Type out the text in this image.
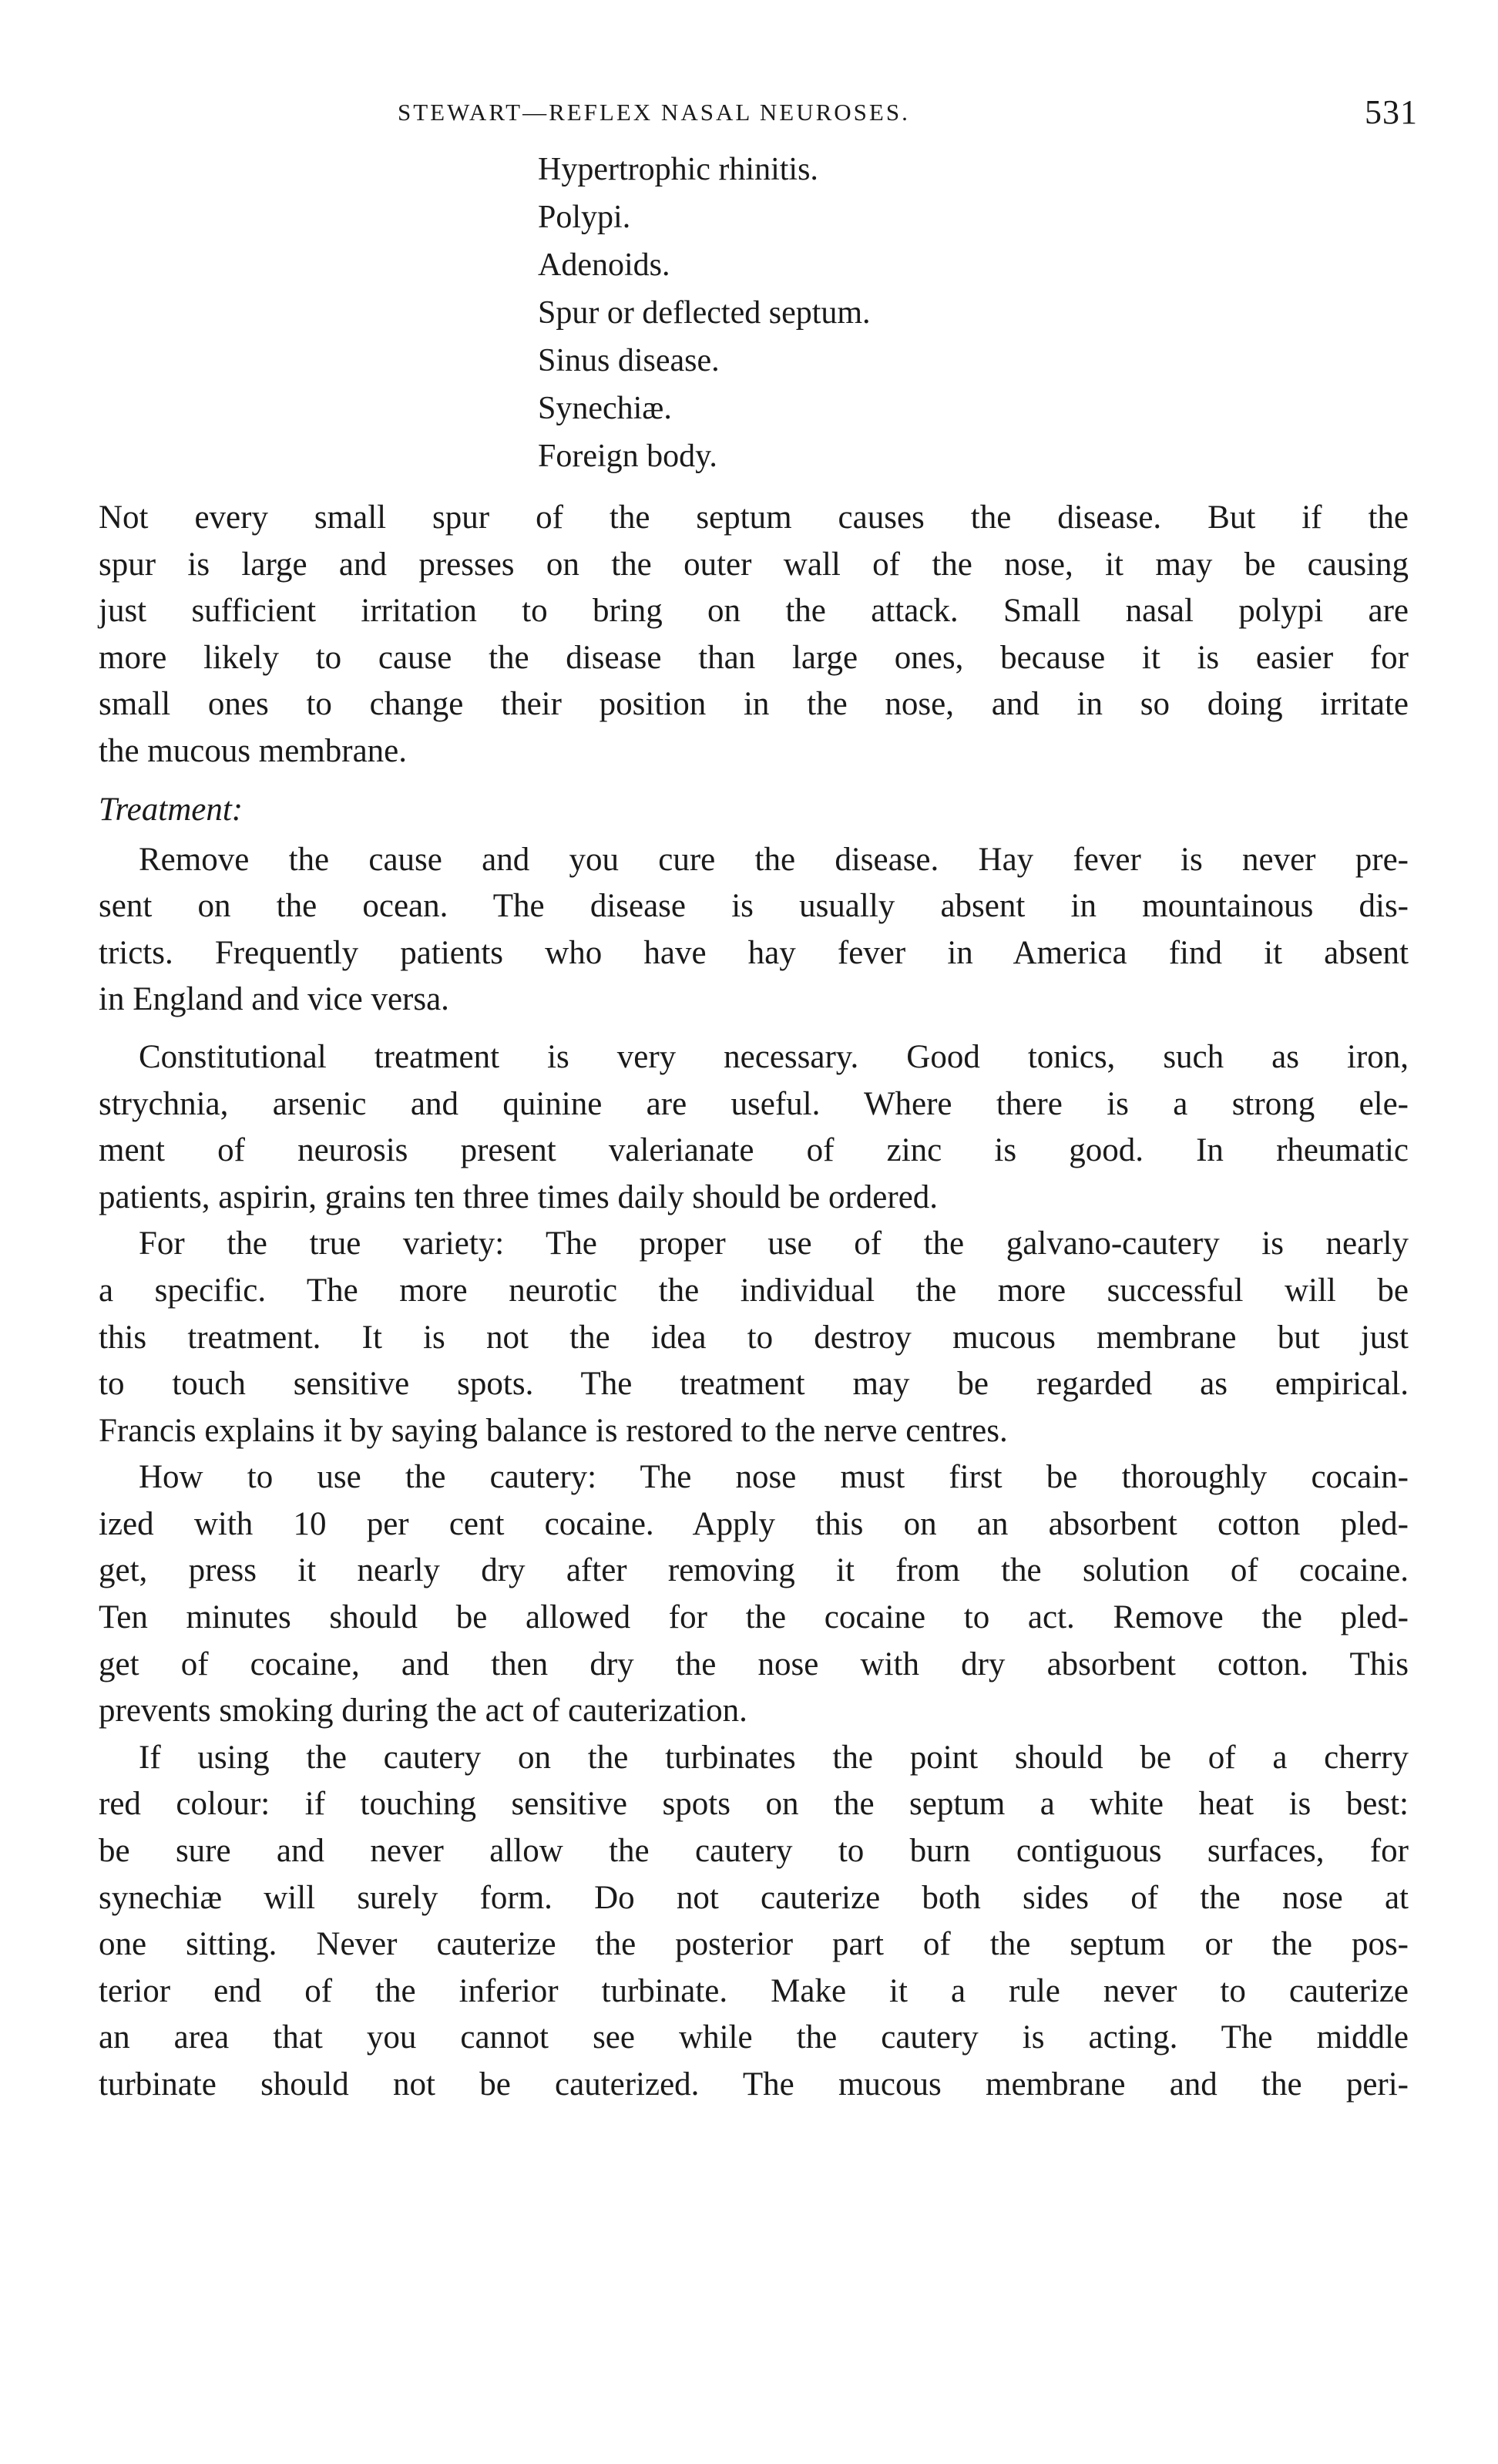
STEWART—REFLEX NASAL NEUROSES.	531
Hypertrophic rhinitis.
Polypi.
Adenoids.
Spur or deflected septum.
Sinus disease.
Synechiæ.
Foreign body.
Not every small spur of the septum causes the disease. But if the
spur is large and presses on the outer wall of the nose, it may be causing
just sufficient irritation to bring on the attack. Small nasal polypi are
more likely to cause the disease than large ones, because it is easier for
small ones to change their position in the nose, and in so doing irritate
the mucous membrane.
Treatment:
Remove the cause and you cure the disease. Hay fever is never pre-
sent on the ocean. The disease is usually absent in mountainous dis-
tricts. Frequently patients who have hay fever in America find it absent
in England and vice versa.
Constitutional treatment is very necessary. Good tonics, such as iron,
strychnia, arsenic and quinine are useful. Where there is a strong ele-
ment of neurosis present valerianate of zinc is good. In rheumatic
patients, aspirin, grains ten three times daily should be ordered.
For the true variety: The proper use of the galvano-cautery is nearly
a specific. The more neurotic the individual the more successful will be
this treatment. It is not the idea to destroy mucous membrane but just
to touch sensitive spots. The treatment may be regarded as empirical.
Francis explains it by saying balance is restored to the nerve centres.
How to use the cautery: The nose must first be thoroughly cocain-
ized with 10 per cent cocaine. Apply this on an absorbent cotton pled-
get, press it nearly dry after removing it from the solution of cocaine.
Ten minutes should be allowed for the cocaine to act. Remove the pled-
get of cocaine, and then dry the nose with dry absorbent cotton. This
prevents smoking during the act of cauterization.
If using the cautery on the turbinates the point should be of a cherry
red colour: if touching sensitive spots on the septum a white heat is best:
be sure and never allow the cautery to burn contiguous surfaces, for
synechiæ will surely form. Do not cauterize both sides of the nose at
one sitting. Never cauterize the posterior part of the septum or the pos-
terior end of the inferior turbinate. Make it a rule never to cauterize
an area that you cannot see while the cautery is acting. The middle
turbinate should not be cauterized. The mucous membrane and the peri-
